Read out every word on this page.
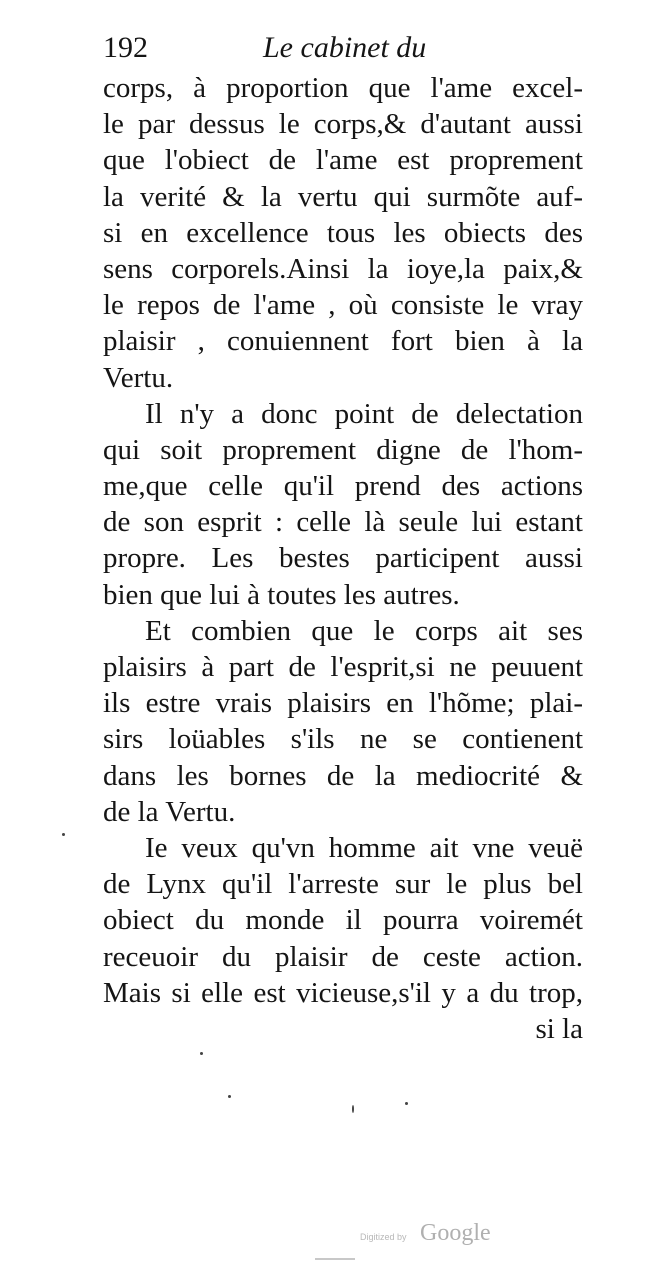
192	Le cabinet du
corps, à proportion que l'ame excel-
le par dessus le corps,& d'autant aussi
que l'obiect de l'ame est proprement
la verité & la vertu qui surmõte auf-
si en excellence tous les obiects des
sens corporels.Ainsi la ioye,la paix,&
le repos de l'ame , où consiste le vray
plaisir , conuiennent fort bien à la
Vertu.
Il n'y a donc point de delectation
qui soit proprement digne de l'hom-
me,que celle qu'il prend des actions
de son esprit : celle là seule lui estant
propre. Les bestes participent aussi
bien que lui à toutes les autres.
Et combien que le corps ait ses
plaisirs à part de l'esprit,si ne peuuent
ils estre vrais plaisirs en l'hõme; plai-
sirs loüables s'ils ne se contienent
dans les bornes de la mediocrité &
de la Vertu.
Ie veux qu'vn homme ait vne veuë
de Lynx qu'il l'arreste sur le plus bel
obiect du monde il pourra voiremét
receuoir du plaisir de ceste action.
Mais si elle est vicieuse,s'il y a du trop,
si la
Digitized by Google
